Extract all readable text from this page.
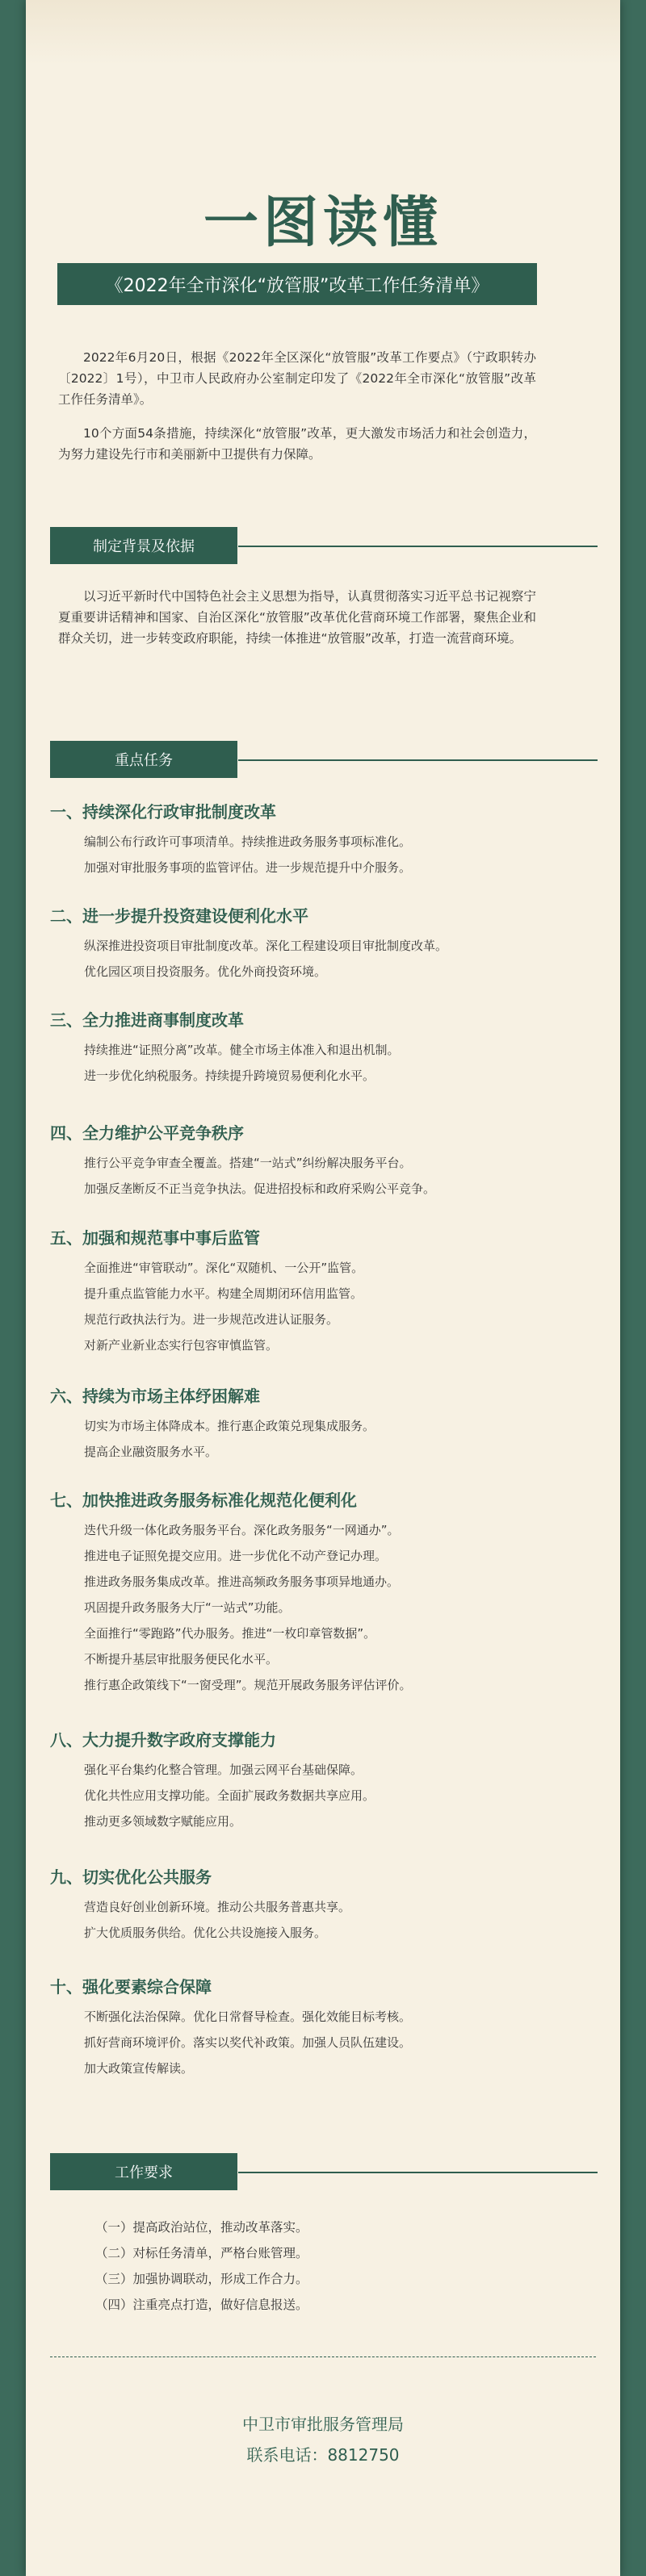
一图读懂
《2022年全市深化“放管服”改革工作任务清单》
2022年6月20日，根据《2022年全区深化“放管服”改革工作要点》（宁政职转办〔2022〕1号），中卫市人民政府办公室制定印发了《2022年全市深化“放管服”改革工作任务清单》。
10个方面54条措施，持续深化“放管服”改革，更大激发市场活力和社会创造力，为努力建设先行市和美丽新中卫提供有力保障。
制定背景及依据
以习近平新时代中国特色社会主义思想为指导，认真贯彻落实习近平总书记视察宁夏重要讲话精神和国家、自治区深化“放管服”改革优化营商环境工作部署，聚焦企业和群众关切，进一步转变政府职能，持续一体推进“放管服”改革，打造一流营商环境。
重点任务
一、持续深化行政审批制度改革
编制公布行政许可事项清单。持续推进政务服务事项标准化。
加强对审批服务事项的监管评估。进一步规范提升中介服务。
二、进一步提升投资建设便利化水平
纵深推进投资项目审批制度改革。深化工程建设项目审批制度改革。
优化园区项目投资服务。优化外商投资环境。
三、全力推进商事制度改革
持续推进“证照分离”改革。健全市场主体准入和退出机制。
进一步优化纳税服务。持续提升跨境贸易便利化水平。
四、全力维护公平竞争秩序
推行公平竞争审查全覆盖。搭建“一站式”纠纷解决服务平台。
加强反垄断反不正当竞争执法。促进招投标和政府采购公平竞争。
五、加强和规范事中事后监管
全面推进“审管联动”。深化“双随机、一公开”监管。
提升重点监管能力水平。构建全周期闭环信用监管。
规范行政执法行为。进一步规范改进认证服务。
对新产业新业态实行包容审慎监管。
六、持续为市场主体纾困解难
切实为市场主体降成本。推行惠企政策兑现集成服务。
提高企业融资服务水平。
七、加快推进政务服务标准化规范化便利化
迭代升级一体化政务服务平台。深化政务服务“一网通办”。
推进电子证照免提交应用。进一步优化不动产登记办理。
推进政务服务集成改革。推进高频政务服务事项异地通办。
巩固提升政务服务大厅“一站式”功能。
全面推行“零跑路”代办服务。推进“一枚印章管数据”。
不断提升基层审批服务便民化水平。
推行惠企政策线下“一窗受理”。规范开展政务服务评估评价。
八、大力提升数字政府支撑能力
强化平台集约化整合管理。加强云网平台基础保障。
优化共性应用支撑功能。全面扩展政务数据共享应用。
推动更多领域数字赋能应用。
九、切实优化公共服务
营造良好创业创新环境。推动公共服务普惠共享。
扩大优质服务供给。优化公共设施接入服务。
十、强化要素综合保障
不断强化法治保障。优化日常督导检查。强化效能目标考核。
抓好营商环境评价。落实以奖代补政策。加强人员队伍建设。
加大政策宣传解读。
工作要求
（一）提高政治站位，推动改革落实。
（二）对标任务清单，严格台账管理。
（三）加强协调联动，形成工作合力。
（四）注重亮点打造，做好信息报送。
中卫市审批服务管理局
联系电话：8812750
